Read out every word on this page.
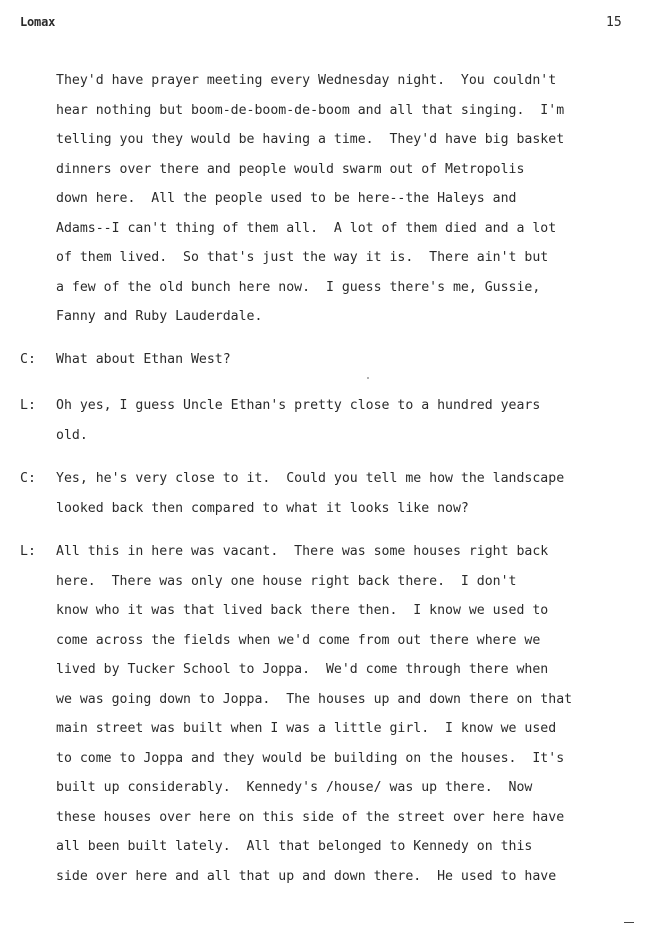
Lomax	15
They'd have prayer meeting every Wednesday night.  You couldn't
hear nothing but boom-de-boom-de-boom and all that singing.  I'm
telling you they would be having a time.  They'd have big basket
dinners over there and people would swarm out of Metropolis
down here.  All the people used to be here--the Haleys and
Adams--I can't thing of them all.  A lot of them died and a lot
of them lived.  So that's just the way it is.  There ain't but
a few of the old bunch here now.  I guess there's me, Gussie,
Fanny and Ruby Lauderdale.
C: What about Ethan West?
L: Oh yes, I guess Uncle Ethan's pretty close to a hundred years
old.
C: Yes, he's very close to it.  Could you tell me how the landscape
looked back then compared to what it looks like now?
L: All this in here was vacant.  There was some houses right back
here.  There was only one house right back there.  I don't
know who it was that lived back there then.  I know we used to
come across the fields when we'd come from out there where we
lived by Tucker School to Joppa.  We'd come through there when
we was going down to Joppa.  The houses up and down there on that
main street was built when I was a little girl.  I know we used
to come to Joppa and they would be building on the houses.  It's
built up considerably.  Kennedy's /house/ was up there.  Now
these houses over here on this side of the street over here have
all been built lately.  All that belonged to Kennedy on this
side over here and all that up and down there.  He used to have
